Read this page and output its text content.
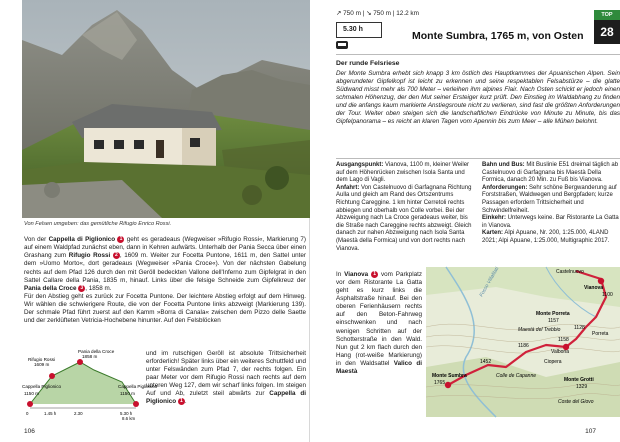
Von Felsen umgeben: das gemütliche Rifugio Enrico Rossi.
Von der Cappella di Piglionico 1 geht es geradeaus (Wegweiser »Rifugio Rossi«, Markierung 7) auf einem Waldpfad zunächst eben, dann in Kehren aufwärts. Unterhalb der Pania Secca über einen Grashang zum Rifugio Rossi 2 , 1609 m. Weiter zur Focetta Puntone, 1611 m, den Sattel unter dem »Uomo Morto«, dort geradeaus (Wegweiser »Pania Croce«). Von der nächsten Gabelung rechts auf dem Pfad 126 durch den mit Geröll bedeckten Vallone dell'Inferno zum Gipfelgrat in den Sattel Callare della Pania, 1835 m, hinauf. Links über die felsige Schneide zum Gipfelkreuz der Pania della Croce 3 , 1858 m.
Für den Abstieg geht es zurück zur Focetta Puntone. Der leichtere Abstieg erfolgt auf dem Hinweg. Wir wählen die schwierigere Route, die von der Focetta Puntone links abzweigt (Markierung 139). Der schmale Pfad führt zuerst auf den Kamm »Borra di Canala« zwischen dem Pizzo delle Saette und der zerklüfteten Vetricia-Hochebene hinunter. Auf den Felsblöcken
und im rutschigen Geröll ist absolute Trittsicherheit erforderlich! Später links über ein weiteres Schuttfeld und unter Felswänden zum Pfad 7, der rechts folgen. Ein paar Meter vor dem Rifugio Rossi nach rechts auf dem unteren Weg 127, dem wir scharf links folgen. Im steigen Auf und Ab, zuletzt steil abwärts zur Cappella di Piglionico 1 .
Pania della Croce
1858 m
Rifugio Rossi
1609 m
Cappella Piglionico
1150 m
Cappella Piglionico
1150 m
0	1.45 h	2.30	5.30 h
8.6 km
106
↗ 750 m | ↘ 750 m | 12.2 km
5.30 h
Monte Sumbra, 1765 m, von Osten
TOP
28
Der runde Felsriese
Der Monte Sumbra erhebt sich knapp 3 km östlich des Hauptkammes der Apuanischen Alpen. Sein abgerundeter Gipfelkopf ist leicht zu erkennen und seine respektablen Felsabstürze – die glatte Südwand misst mehr als 700 Meter – verleihen ihm alpines Flair. Nach Osten schickt er jedoch einen schmalen Höhenzug, der den Mut seiner Ersteiger kurz prüft. Den Einstieg im Waldabhang zu finden und die anfangs kaum markierte Anstiegsroute nicht zu verlieren, sind fast die größten Anforderungen der Tour. Weiter oben steigen sich die landschaftlichen Eindrücke von Minute zu Minute, bis das Gipfelpanorama – es reicht an klaren Tagen vom Apennin bis zum Meer – alle Mühen belohnt.

Ausgangspunkt: Vianova, 1100 m, kleiner Weiler auf dem Höhenrücken zwischen Isola Santa und dem Lago di Vagli.

Anfahrt: Von Castelnuovo di Garfagnana Richtung Aulla und gleich am Rand des Ortszentrums Richtung Careggine. 1 km hinter Cerretoli rechts abbiegen und oberhalb von Colle vorbei. Bei der Abzweigung nach La Croce geradeaus weiter, bis die Straße nach Careggine rechts abzweigt. Gleich danach zur nahen Abzweigung nach Isola Santa (Maestà della Formica) und von dort rechts nach Vianova.

Bahn und Bus: Mit Buslinie E51 dreimal täglich ab Castelnuovo di Garfagnana bis Maestà Della Formica, danach 20 Min. zu Fuß bis Vianova.

Anforderungen: Sehr schöne Bergwanderung auf Forststraßen, Waldwegen und Bergpfaden; kurze Passagen erfordern Trittsicherheit und Schwindelfreiheit.

Einkehr: Unterwegs keine. Bar Ristorante La Gatta in Vianova.

Karten: Alpi Apuane, Nr. 200, 1:25.000, 4LAND 2021; Alpi Apuane, 1:25.000, Multigraphic 2017.

In Vianova 1 vom Parkplatz vor dem Ristorante La Gatta geht es kurz links die Asphaltstraße hinauf. Bei den oberen Ferienhäusern rechts auf den Beton-Fahrweg einschwenken und nach wenigen Schritten auf der Schotterstraße in den Wald. Nun gut 2 km flach durch den Hang (rot-weiße Markierung) in den Waldsattel Valico di Maestà
Castelnuovo
Vianova
1100
Monte Porreta
1157
Porreta
Maestà del Trebbio
Valbona
Ciopera
Monte Sumbra
1765	Monte Grotti
1329
Colle de Capanne
Coste del Giovo
1452
1128
1186
1158
Fosso Villafilati
107
